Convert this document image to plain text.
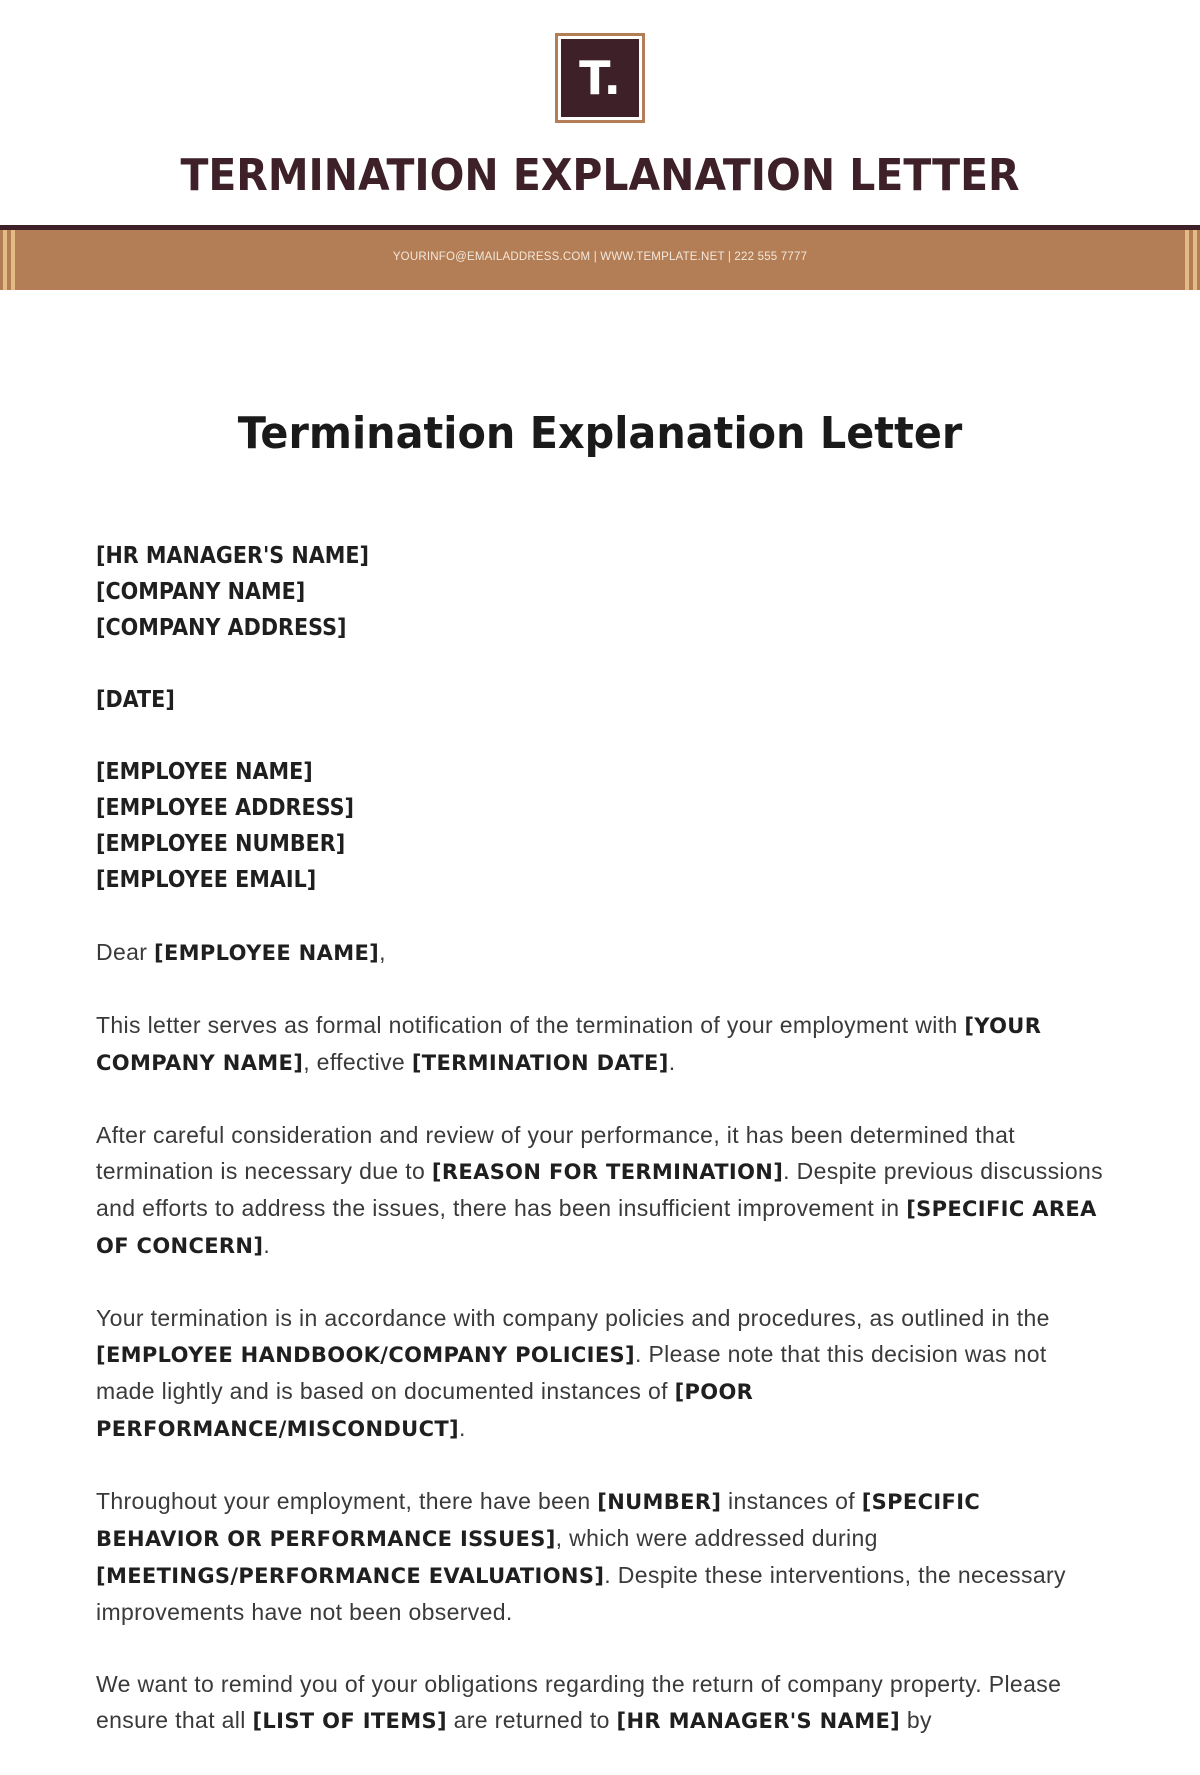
T.
TERMINATION EXPLANATION LETTER
YOURINFO@EMAILADDRESS.COM | WWW.TEMPLATE.NET | 222 555 7777
Termination Explanation Letter
[HR MANAGER'S NAME]
[COMPANY NAME]
[COMPANY ADDRESS]
[DATE]
[EMPLOYEE NAME]
[EMPLOYEE ADDRESS]
[EMPLOYEE NUMBER]
[EMPLOYEE EMAIL]

Dear [EMPLOYEE NAME],

This letter serves as formal notification of the termination of your employment with [YOUR COMPANY NAME], effective [TERMINATION DATE].

After careful consideration and review of your performance, it has been determined that termination is necessary due to [REASON FOR TERMINATION]. Despite previous discussions and efforts to address the issues, there has been insufficient improvement in [SPECIFIC AREA OF CONCERN].

Your termination is in accordance with company policies and procedures, as outlined in the [EMPLOYEE HANDBOOK/COMPANY POLICIES]. Please note that this decision was not made lightly and is based on documented instances of [POOR PERFORMANCE/MISCONDUCT].

Throughout your employment, there have been [NUMBER] instances of [SPECIFIC BEHAVIOR OR PERFORMANCE ISSUES], which were addressed during [MEETINGS/PERFORMANCE EVALUATIONS]. Despite these interventions, the necessary improvements have not been observed.

We want to remind you of your obligations regarding the return of company property. Please ensure that all [LIST OF ITEMS] are returned to [HR MANAGER'S NAME] by
